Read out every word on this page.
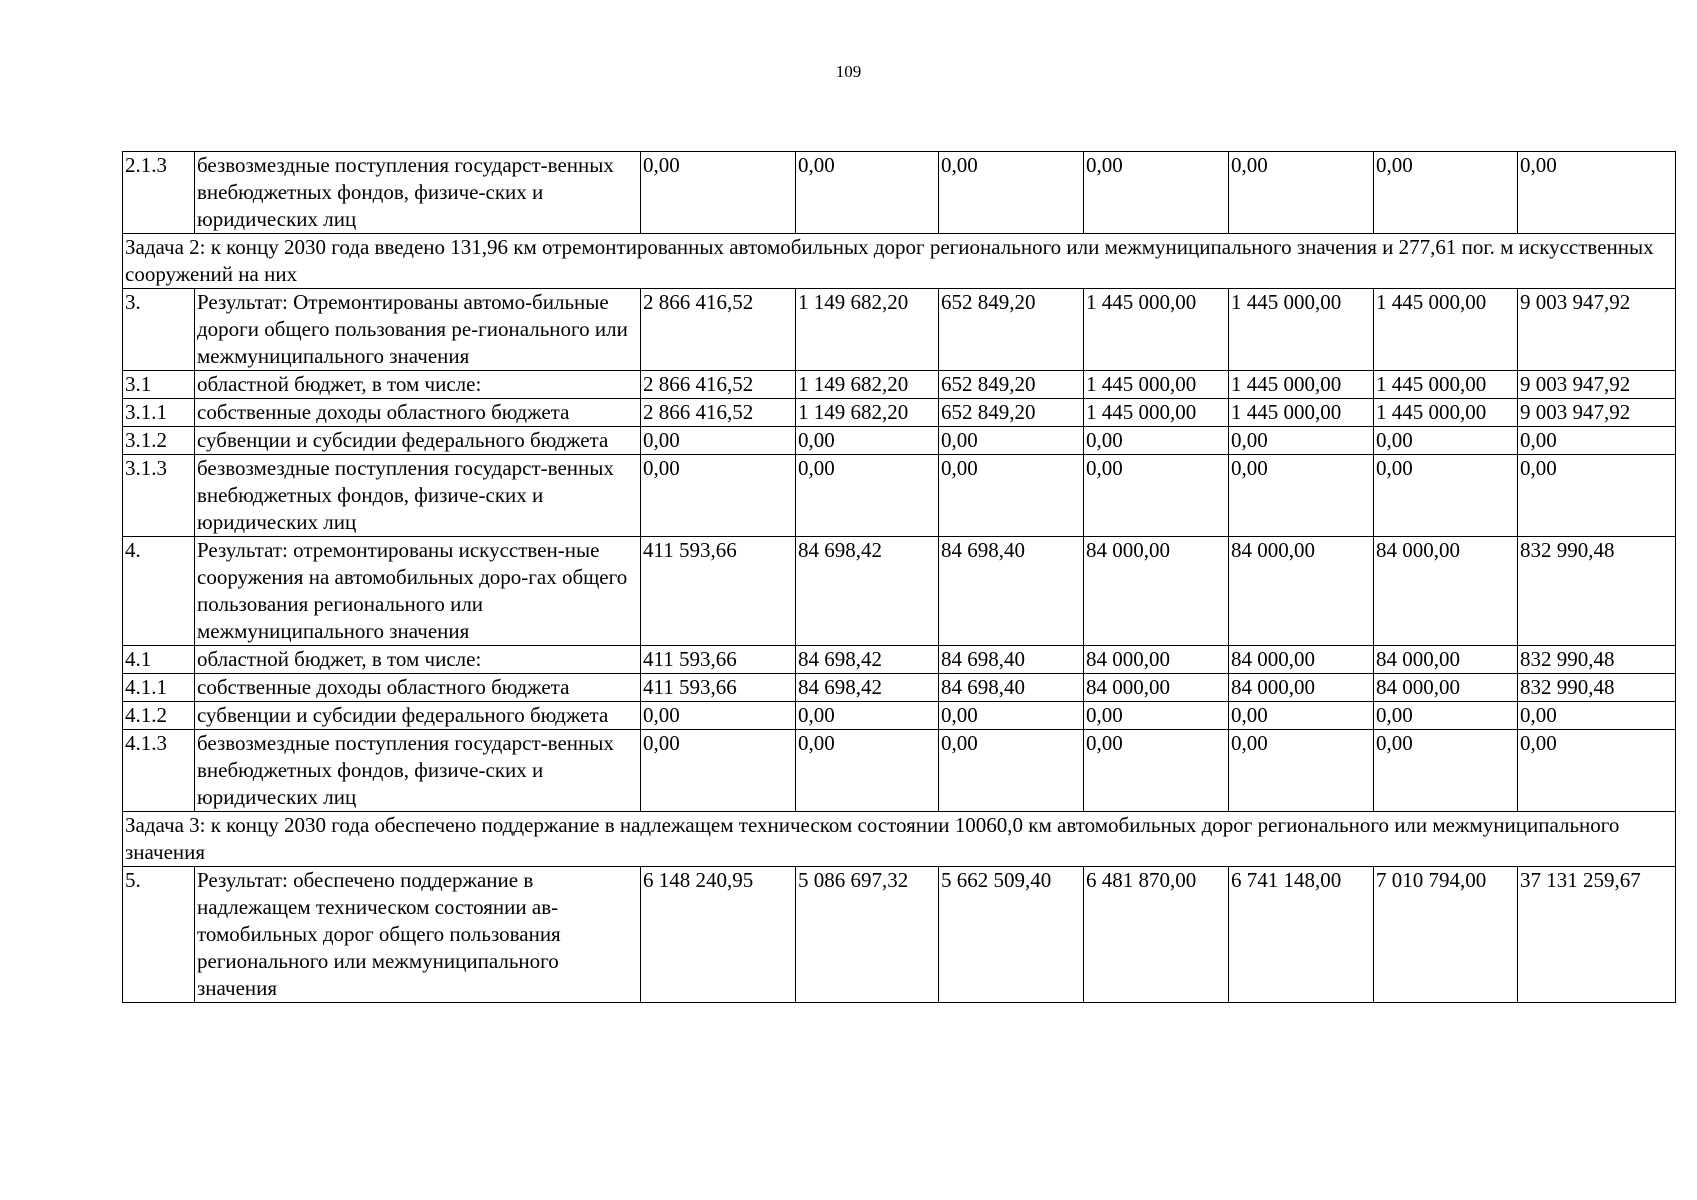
109
2.1.3	безвозмездные поступления государст-венных внебюджетных фондов, физиче-ских и юридических лиц	0,00	0,00	0,00	0,00	0,00	0,00	0,00
Задача 2: к концу 2030 года введено 131,96 км отремонтированных автомобильных дорог регионального или межмуниципального значения и 277,61 пог. м искусственных сооружений на них								
3.	Результат: Отремонтированы автомо-бильные дороги общего пользования ре-гионального или межмуниципального значения	2 866 416,52	1 149 682,20	652 849,20	1 445 000,00	1 445 000,00	1 445 000,00	9 003 947,92
3.1	областной бюджет, в том числе:	2 866 416,52	1 149 682,20	652 849,20	1 445 000,00	1 445 000,00	1 445 000,00	9 003 947,92
3.1.1	собственные доходы областного бюджета	2 866 416,52	1 149 682,20	652 849,20	1 445 000,00	1 445 000,00	1 445 000,00	9 003 947,92
3.1.2	субвенции и субсидии федерального бюджета	0,00	0,00	0,00	0,00	0,00	0,00	0,00
3.1.3	безвозмездные поступления государст-венных внебюджетных фондов, физиче-ских и юридических лиц	0,00	0,00	0,00	0,00	0,00	0,00	0,00
4.	Результат: отремонтированы искусствен-ные сооружения на автомобильных доро-гах общего пользования регионального или межмуниципального значения	411 593,66	84 698,42	84 698,40	84 000,00	84 000,00	84 000,00	832 990,48
4.1	областной бюджет, в том числе:	411 593,66	84 698,42	84 698,40	84 000,00	84 000,00	84 000,00	832 990,48
4.1.1	собственные доходы областного бюджета	411 593,66	84 698,42	84 698,40	84 000,00	84 000,00	84 000,00	832 990,48
4.1.2	субвенции и субсидии федерального бюджета	0,00	0,00	0,00	0,00	0,00	0,00	0,00
4.1.3	безвозмездные поступления государст-венных внебюджетных фондов, физиче-ских и юридических лиц	0,00	0,00	0,00	0,00	0,00	0,00	0,00
Задача 3: к концу 2030 года обеспечено поддержание в надлежащем техническом состоянии 10060,0 км автомобильных дорог регионального или межмуниципального значения								
5.	Результат: обеспечено поддержание в надлежащем техническом состоянии ав-томобильных дорог общего пользования регионального или межмуниципального значения	6 148 240,95	5 086 697,32	5 662 509,40	6 481 870,00	6 741 148,00	7 010 794,00	37 131 259,67
